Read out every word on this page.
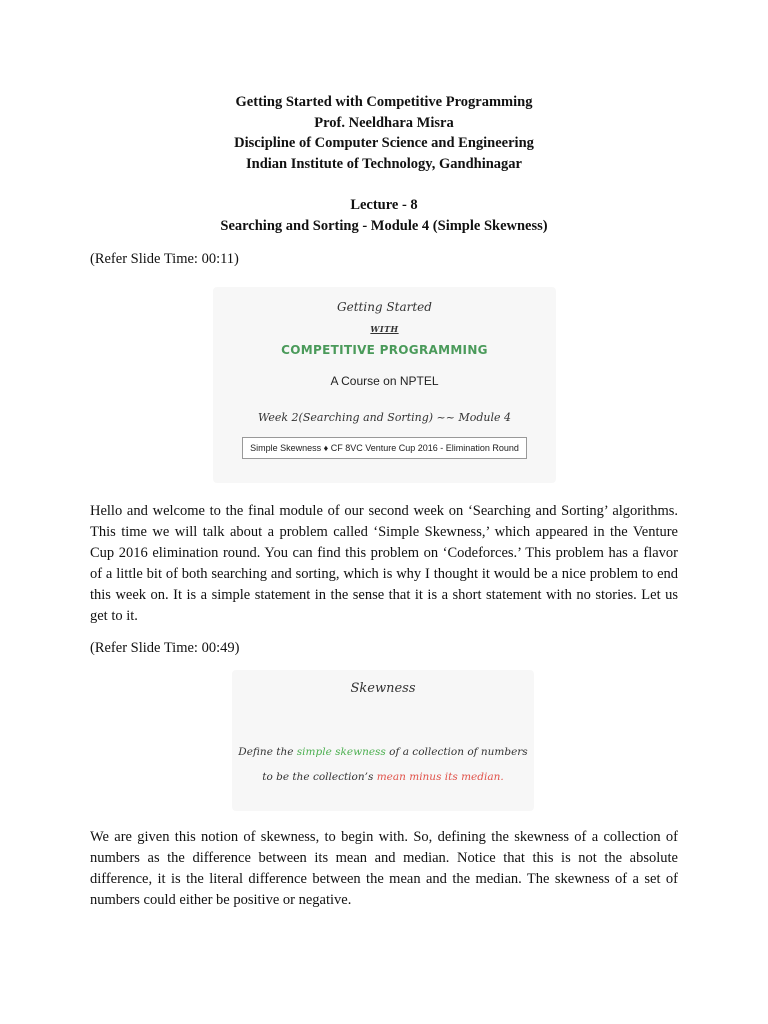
Getting Started with Competitive Programming
Prof. Neeldhara Misra
Discipline of Computer Science and Engineering
Indian Institute of Technology, Gandhinagar
Lecture - 8
Searching and Sorting - Module 4 (Simple Skewness)
(Refer Slide Time: 00:11)
Getting Started
WITH
COMPETITIVE PROGRAMMING
A Course on NPTEL
Week 2(Searching and Sorting) ~~ Module 4
Simple Skewness ♦ CF 8VC Venture Cup 2016 - Elimination Round

Hello and welcome to the final module of our second week on ‘Searching and Sorting’ algorithms. This time we will talk about a problem called ‘Simple Skewness,’ which appeared in the Venture Cup 2016 elimination round. You can find this problem on ‘Codeforces.’ This problem has a flavor of a little bit of both searching and sorting, which is why I thought it would be a nice problem to end this week on. It is a simple statement in the sense that it is a short statement with no stories. Let us get to it.

(Refer Slide Time: 00:49)
Skewness
Define the simple skewness of a collection of numbers
to be the collection’s mean minus its median.

We are given this notion of skewness, to begin with. So, defining the skewness of a collection of numbers as the difference between its mean and median. Notice that this is not the absolute difference, it is the literal difference between the mean and the median. The skewness of a set of numbers could either be positive or negative.
